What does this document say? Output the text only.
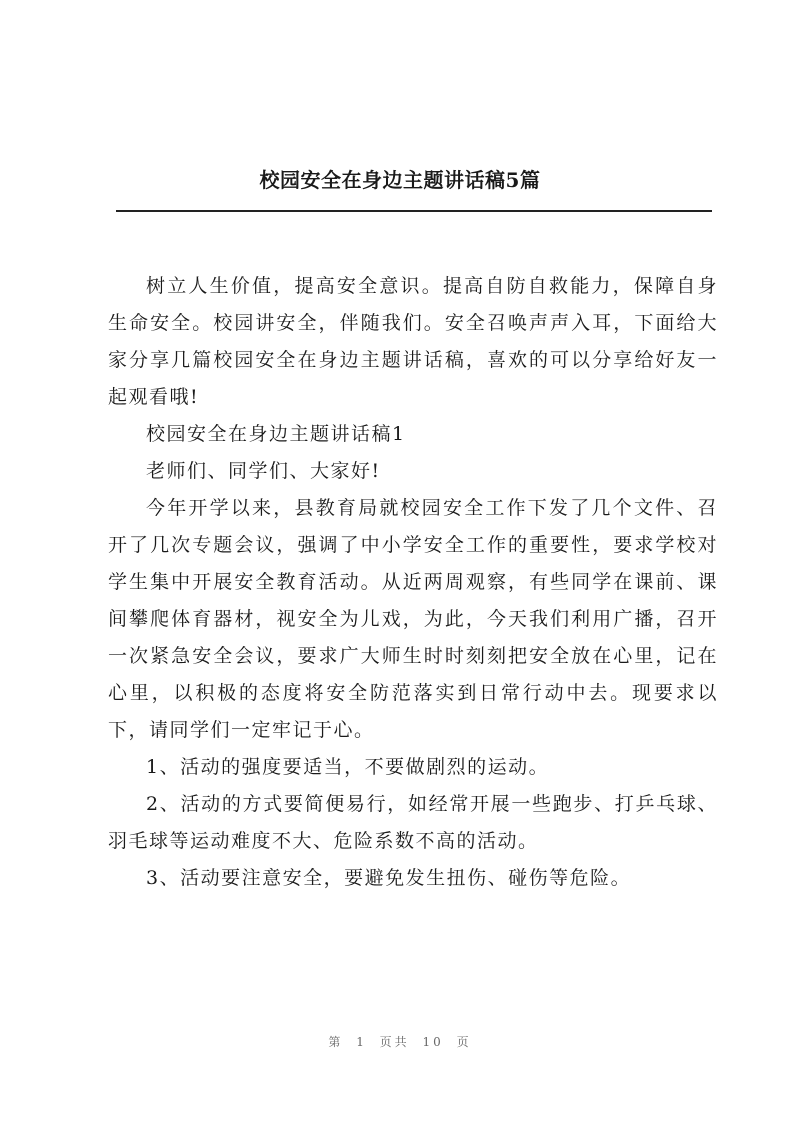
校园安全在身边主题讲话稿5篇

树立人生价值，提高安全意识。提高自防自救能力，保障自身生命安全。校园讲安全，伴随我们。安全召唤声声入耳，下面给大家分享几篇校园安全在身边主题讲话稿，喜欢的可以分享给好友一起观看哦!

校园安全在身边主题讲话稿1

老师们、同学们、大家好!

今年开学以来，县教育局就校园安全工作下发了几个文件、召开了几次专题会议，强调了中小学安全工作的重要性，要求学校对学生集中开展安全教育活动。从近两周观察，有些同学在课前、课间攀爬体育器材，视安全为儿戏，为此，今天我们利用广播，召开一次紧急安全会议，要求广大师生时时刻刻把安全放在心里，记在心里，以积极的态度将安全防范落实到日常行动中去。现要求以下，请同学们一定牢记于心。

1、活动的强度要适当，不要做剧烈的运动。

2、活动的方式要简便易行，如经常开展一些跑步、打乒乓球、羽毛球等运动难度不大、危险系数不高的活动。

3、活动要注意安全，要避免发生扭伤、碰伤等危险。

第 1 页共 10 页
